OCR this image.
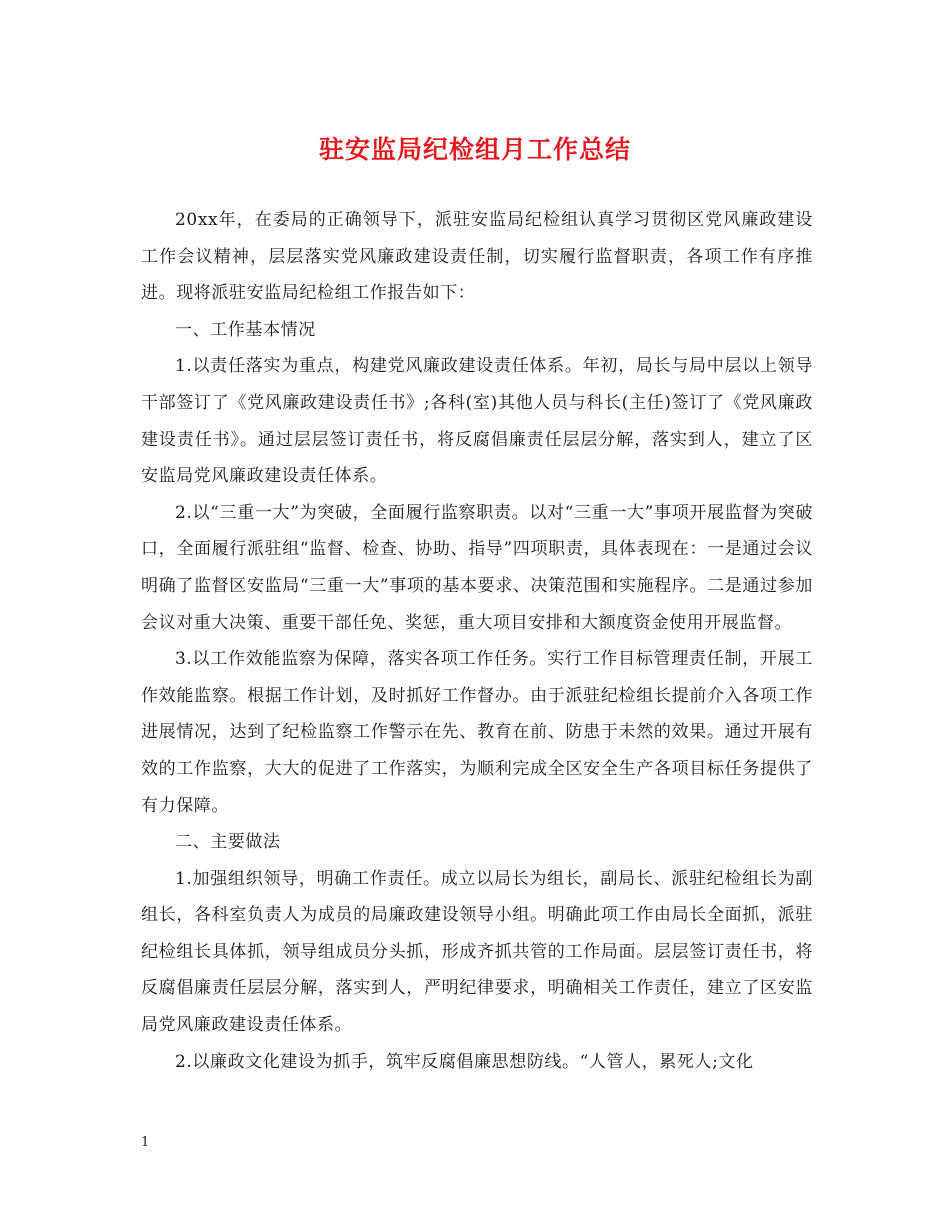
驻安监局纪检组月工作总结

20xx年，在委局的正确领导下，派驻安监局纪检组认真学习贯彻区党风廉政建设工作会议精神，层层落实党风廉政建设责任制，切实履行监督职责，各项工作有序推进。现将派驻安监局纪检组工作报告如下：

一、工作基本情况

1.以责任落实为重点，构建党风廉政建设责任体系。年初，局长与局中层以上领导干部签订了《党风廉政建设责任书》;各科(室)其他人员与科长(主任)签订了《党风廉政建设责任书》。通过层层签订责任书，将反腐倡廉责任层层分解，落实到人，建立了区安监局党风廉政建设责任体系。

2.以“三重一大”为突破，全面履行监察职责。以对“三重一大”事项开展监督为突破口，全面履行派驻组“监督、检查、协助、指导”四项职责，具体表现在：一是通过会议明确了监督区安监局“三重一大”事项的基本要求、决策范围和实施程序。二是通过参加会议对重大决策、重要干部任免、奖惩，重大项目安排和大额度资金使用开展监督。

3.以工作效能监察为保障，落实各项工作任务。实行工作目标管理责任制，开展工作效能监察。根据工作计划，及时抓好工作督办。由于派驻纪检组长提前介入各项工作进展情况，达到了纪检监察工作警示在先、教育在前、防患于未然的效果。通过开展有效的工作监察，大大的促进了工作落实，为顺利完成全区安全生产各项目标任务提供了有力保障。

二、主要做法

1.加强组织领导，明确工作责任。成立以局长为组长，副局长、派驻纪检组长为副组长，各科室负责人为成员的局廉政建设领导小组。明确此项工作由局长全面抓，派驻纪检组长具体抓，领导组成员分头抓，形成齐抓共管的工作局面。层层签订责任书，将反腐倡廉责任层层分解，落实到人，严明纪律要求，明确相关工作责任，建立了区安监局党风廉政建设责任体系。

2.以廉政文化建设为抓手，筑牢反腐倡廉思想防线。“人管人，累死人;文化

1
